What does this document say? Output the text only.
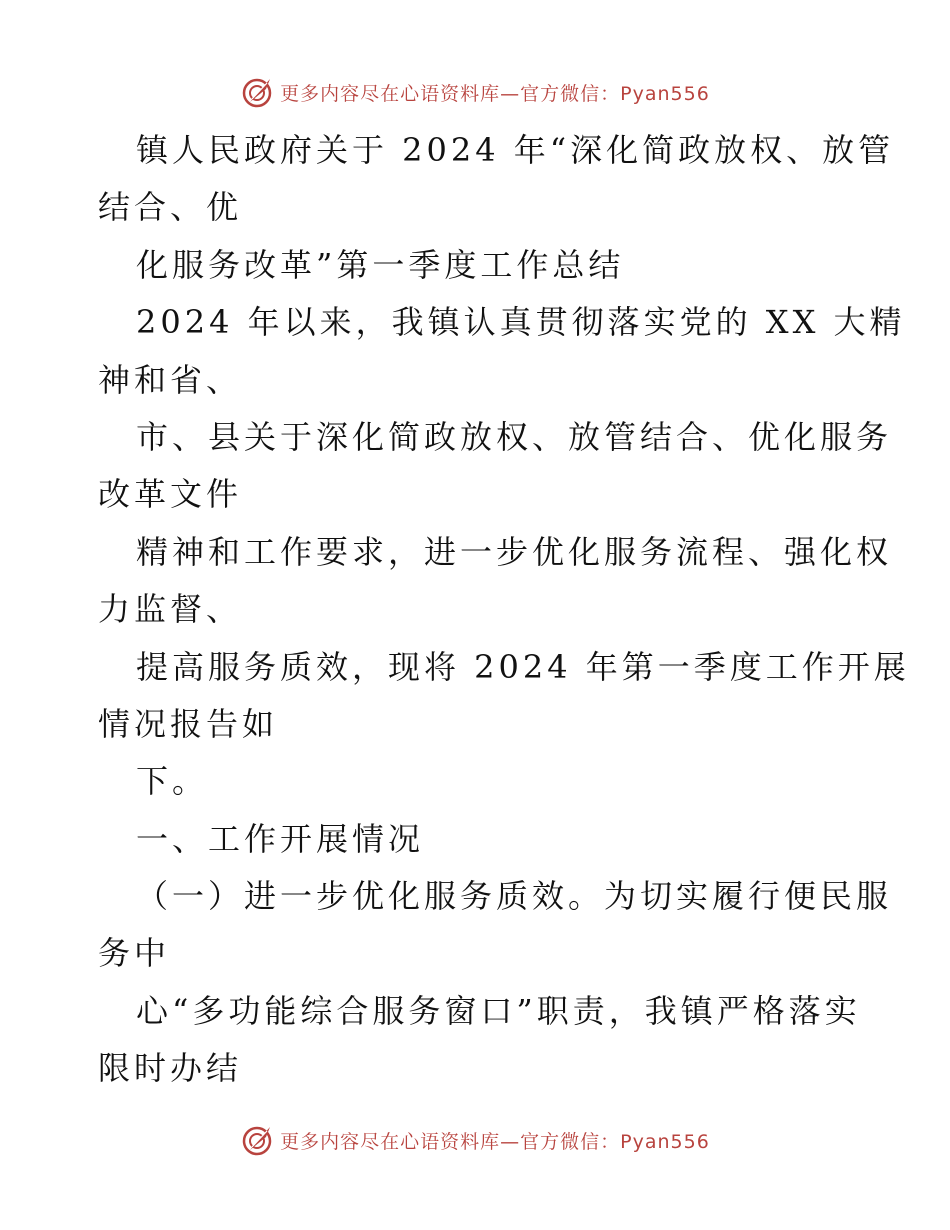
更多内容尽在心语资料库—官方微信：Pyan556
镇人民政府关于 2024 年“深化简政放权、放管
结合、优
化服务改革”第一季度工作总结
2024 年以来，我镇认真贯彻落实党的 XX 大精
神和省、
市、县关于深化简政放权、放管结合、优化服务
改革文件
精神和工作要求，进一步优化服务流程、强化权
力监督、
提高服务质效，现将 2024 年第一季度工作开展
情况报告如
下。
一、工作开展情况
（一）进一步优化服务质效。为切实履行便民服
务中
心“多功能综合服务窗口”职责，我镇严格落实
限时办结
更多内容尽在心语资料库—官方微信：Pyan556
